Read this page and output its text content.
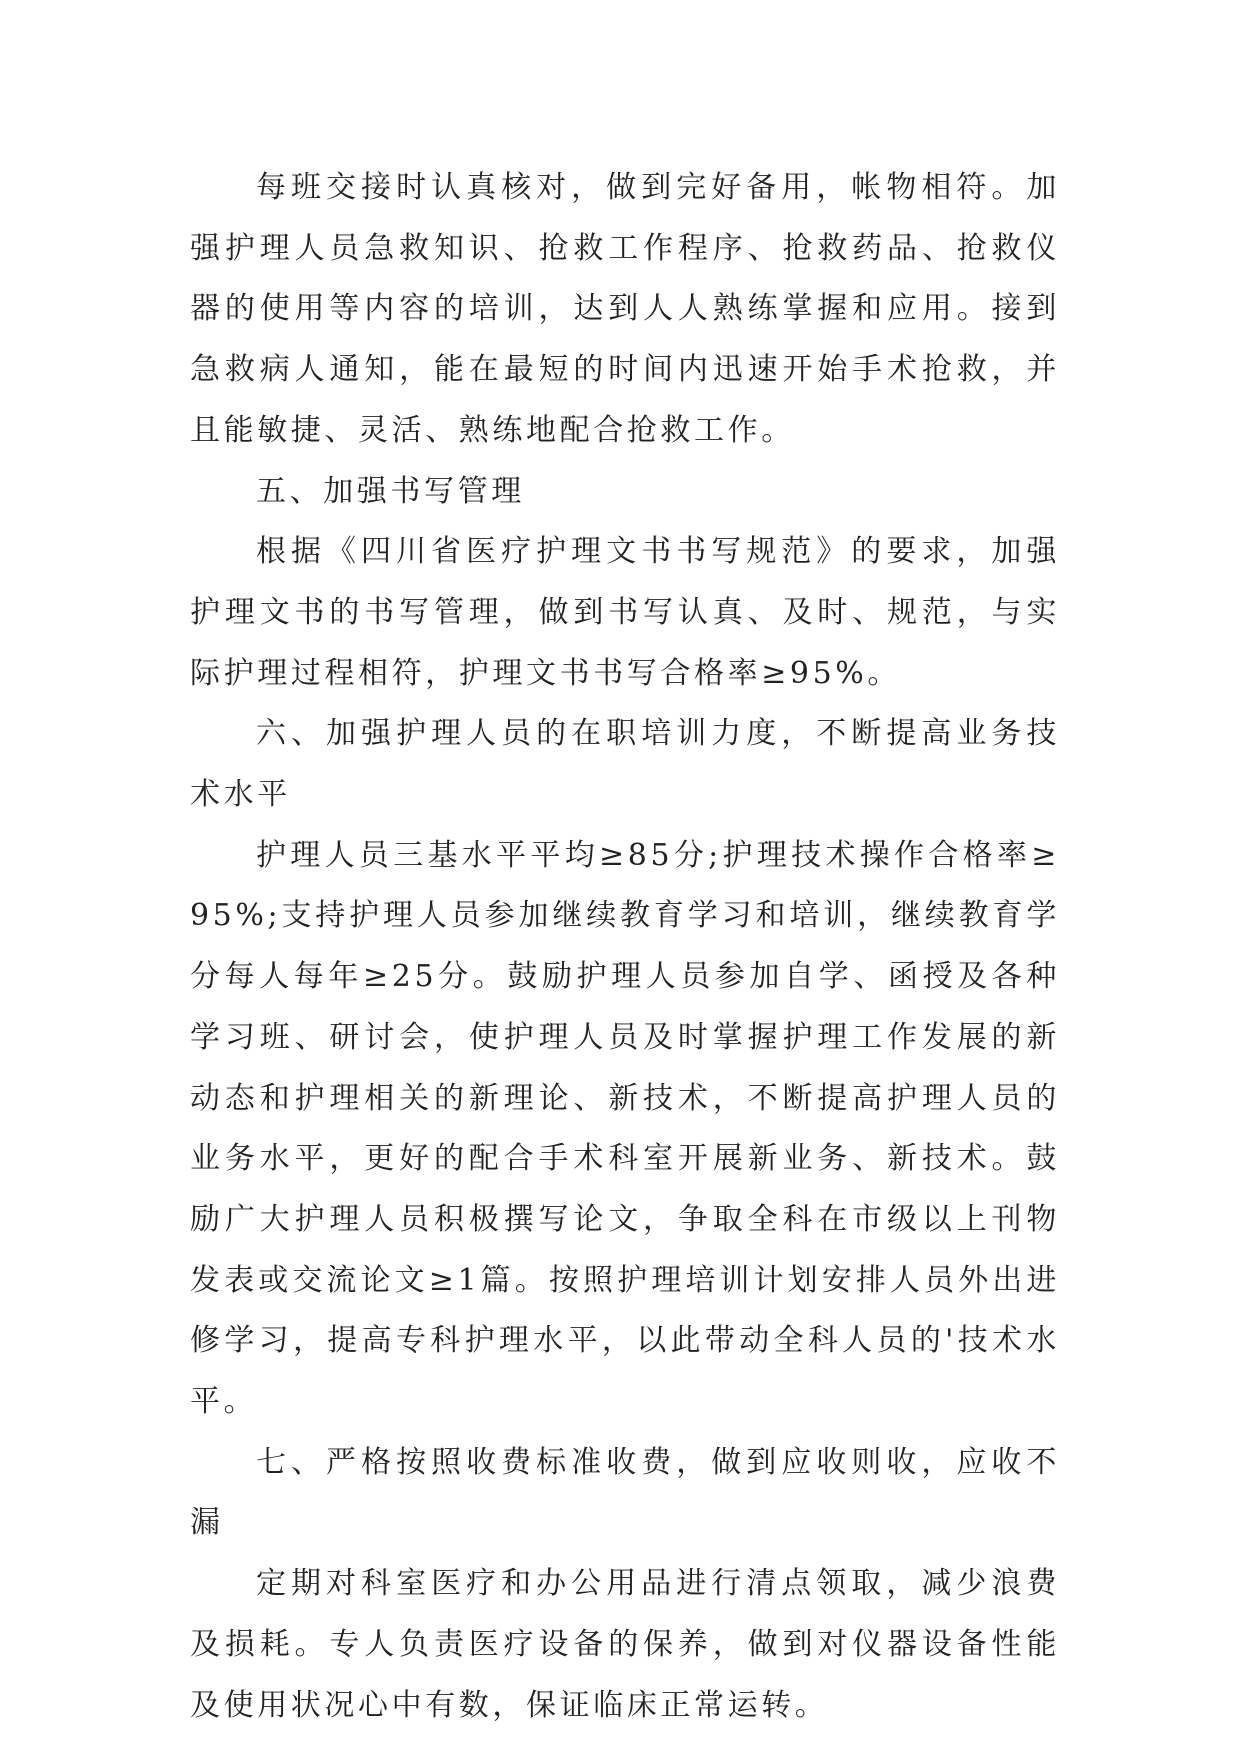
每班交接时认真核对，做到完好备用，帐物相符。加强护理人员急救知识、抢救工作程序、抢救药品、抢救仪器的使用等内容的培训，达到人人熟练掌握和应用。接到急救病人通知，能在最短的时间内迅速开始手术抢救，并且能敏捷、灵活、熟练地配合抢救工作。

五、加强书写管理

根据《四川省医疗护理文书书写规范》的要求，加强护理文书的书写管理，做到书写认真、及时、规范，与实际护理过程相符，护理文书书写合格率≥95%。

六、加强护理人员的在职培训力度，不断提高业务技术水平

护理人员三基水平平均≥85分;护理技术操作合格率≥95%;支持护理人员参加继续教育学习和培训，继续教育学分每人每年≥25分。鼓励护理人员参加自学、函授及各种学习班、研讨会，使护理人员及时掌握护理工作发展的新动态和护理相关的新理论、新技术，不断提高护理人员的业务水平，更好的配合手术科室开展新业务、新技术。鼓励广大护理人员积极撰写论文，争取全科在市级以上刊物发表或交流论文≥1篇。按照护理培训计划安排人员外出进修学习，提高专科护理水平，以此带动全科人员的'技术水平。

七、严格按照收费标准收费，做到应收则收，应收不漏

定期对科室医疗和办公用品进行清点领取，减少浪费及损耗。专人负责医疗设备的保养，做到对仪器设备性能及使用状况心中有数，保证临床正常运转。
